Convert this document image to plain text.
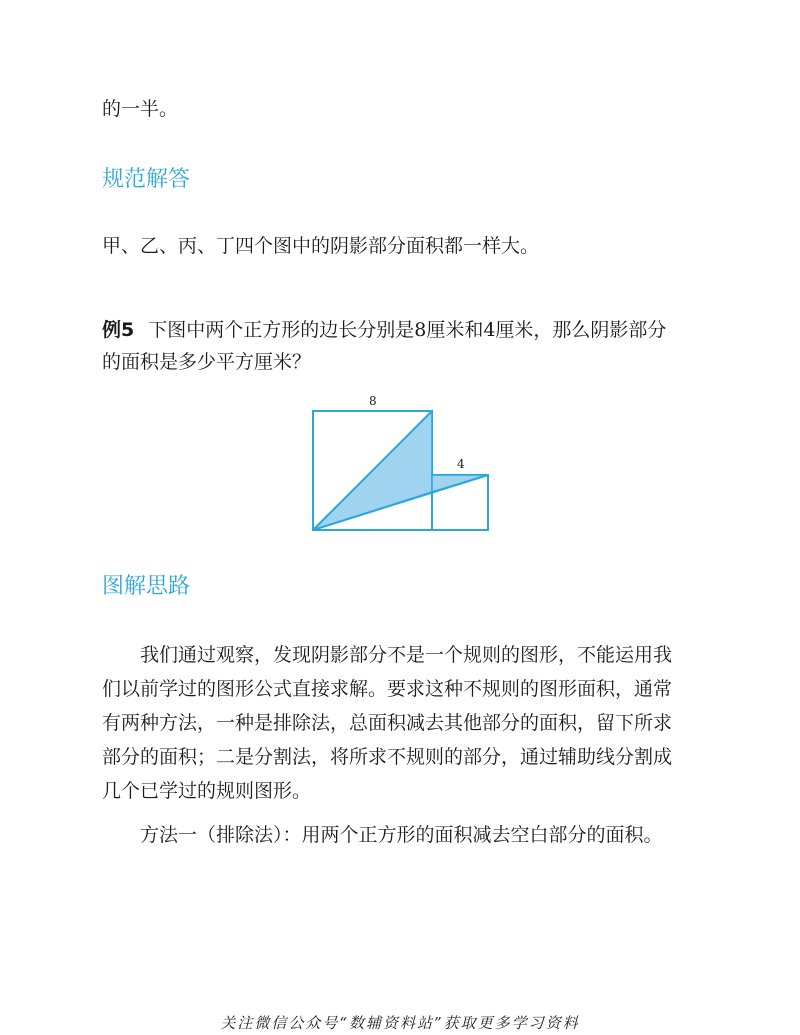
的一半。
规范解答
甲、乙、丙、丁四个图中的阴影部分面积都一样大。
例5 下图中两个正方形的边长分别是8厘米和4厘米，那么阴影部分
的面积是多少平方厘米？
8
4
图解思路
我们通过观察，发现阴影部分不是一个规则的图形，不能运用我
们以前学过的图形公式直接求解。要求这种不规则的图形面积，通常
有两种方法，一种是排除法，总面积减去其他部分的面积，留下所求
部分的面积；二是分割法，将所求不规则的部分，通过辅助线分割成
几个已学过的规则图形。
方法一（排除法）：用两个正方形的面积减去空白部分的面积。
关注微信公众号“数辅资料站”获取更多学习资料
